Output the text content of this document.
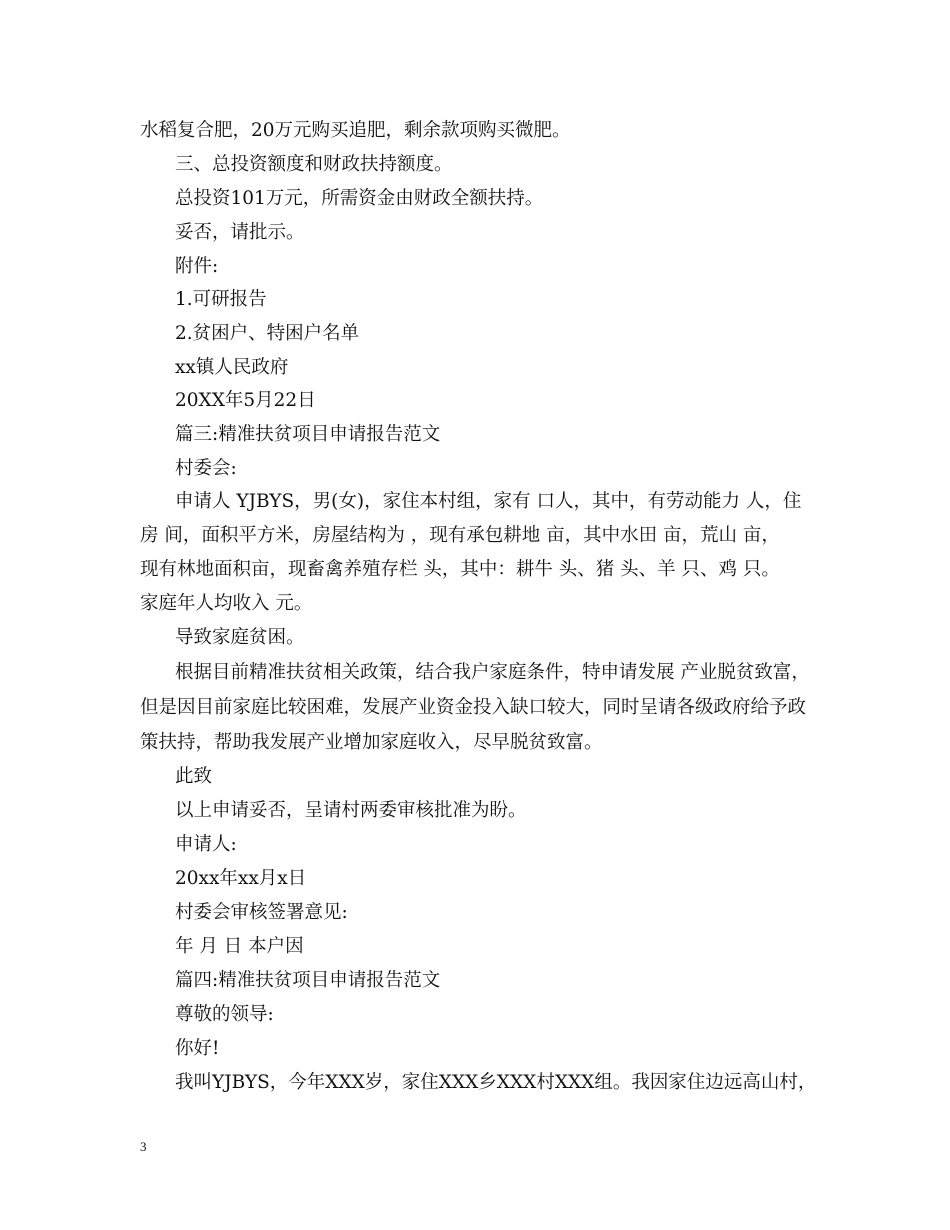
水稻复合肥，20万元购买追肥，剩余款项购买微肥。
三、总投资额度和财政扶持额度。
总投资101万元，所需资金由财政全额扶持。
妥否，请批示。
附件:
1.可研报告
2.贫困户、特困户名单
xx镇人民政府
20XX年5月22日
篇三:精准扶贫项目申请报告范文
村委会:
申请人 YJBYS，男(女)，家住本村组，家有 口人，其中，有劳动能力 人，住
房 间，面积平方米，房屋结构为 ，现有承包耕地 亩，其中水田 亩，荒山 亩，
现有林地面积亩，现畜禽养殖存栏 头，其中：耕牛 头、猪 头、羊 只、鸡 只。
家庭年人均收入 元。
导致家庭贫困。
根据目前精准扶贫相关政策，结合我户家庭条件，特申请发展 产业脱贫致富，
但是因目前家庭比较困难，发展产业资金投入缺口较大，同时呈请各级政府给予政
策扶持，帮助我发展产业增加家庭收入，尽早脱贫致富。
此致
以上申请妥否，呈请村两委审核批准为盼。
申请人:
20xx年xx月x日
村委会审核签署意见:
年 月 日 本户因
篇四:精准扶贫项目申请报告范文
尊敬的领导:
你好!
我叫YJBYS，今年XXX岁，家住XXX乡XXX村XXX组。我因家住边远高山村，
3
